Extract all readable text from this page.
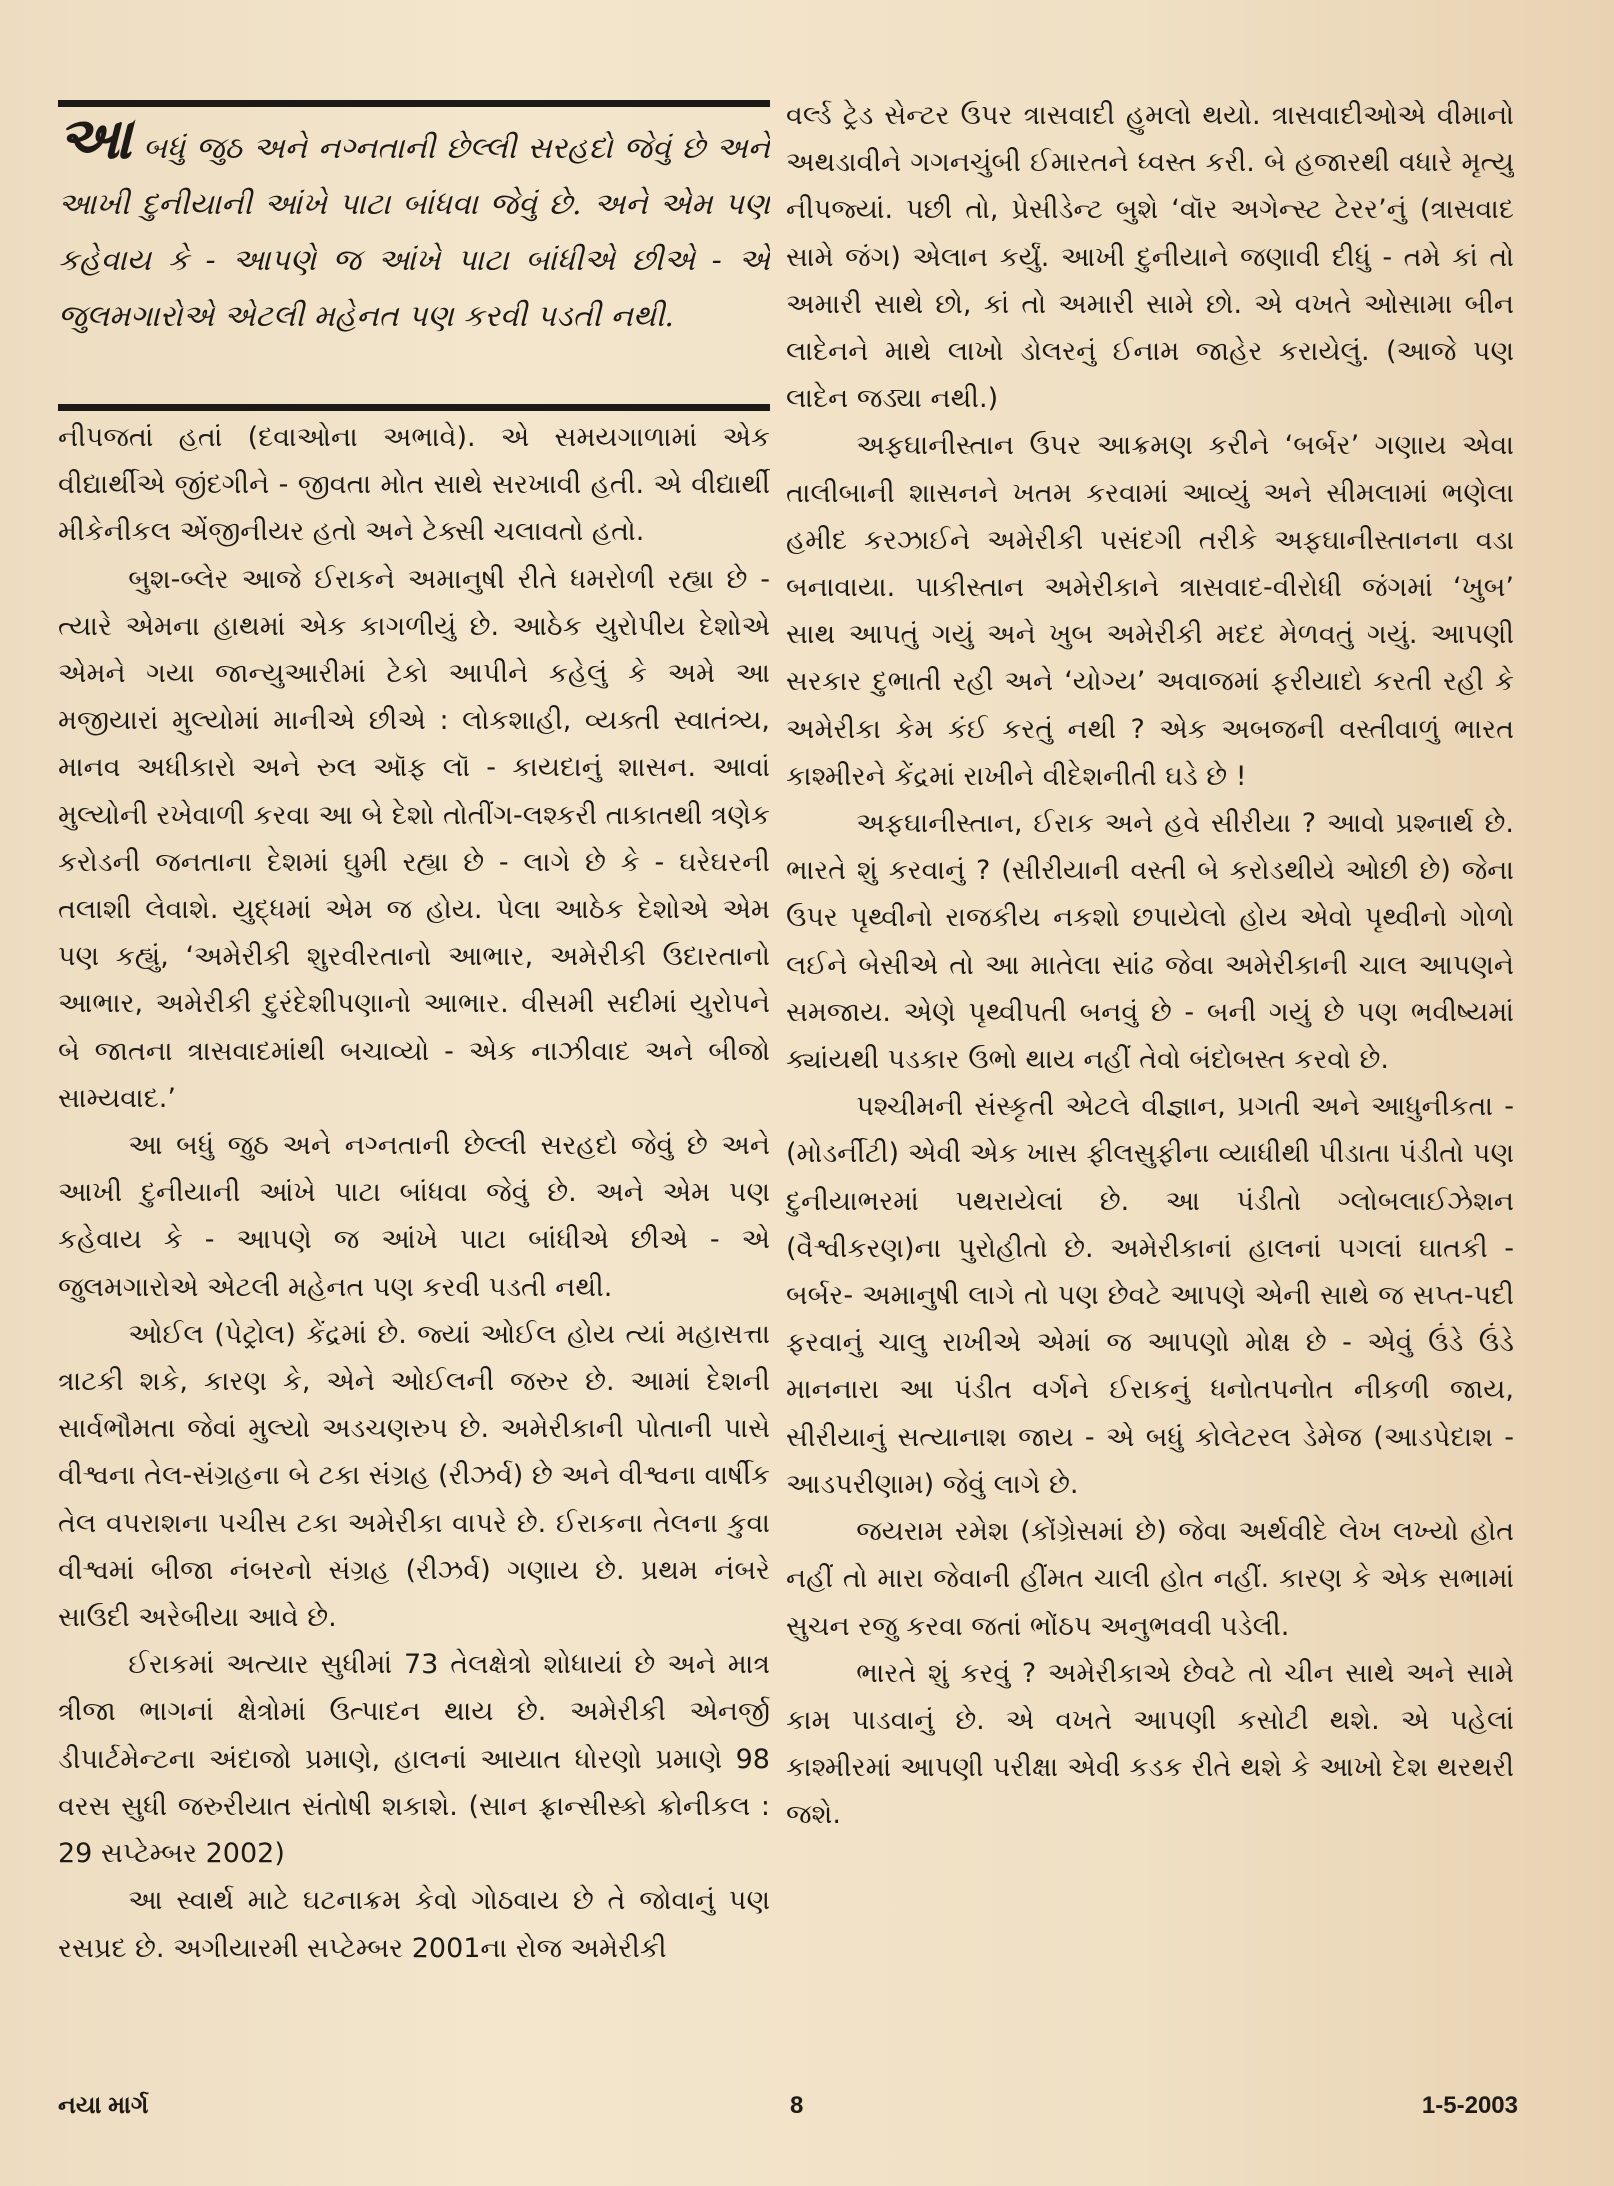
આ બધું જુઠ અને નગ્નતાની છેલ્લી સરહદો જેવું છે અને આખી દુનીયાની આંખે પાટા બાંધવા જેવું છે. અને એમ પણ કહેવાય કે - આપણે જ આંખે પાટા બાંધીએ છીએ - એ જુલમગારોએ એટલી મહેનત પણ કરવી પડતી નથી.

નીપજતાં હતાં (દવાઓના અભાવે). એ સમયગાળામાં એક વીદ્યાર્થીએ જીંદગીને - જીવતા મોત સાથે સરખાવી હતી. એ વીદ્યાર્થી મીકેનીકલ એંજીનીયર હતો અને ટેક્સી ચલાવતો હતો.

બુશ-બ્લેર આજે ઈરાકને અમાનુષી રીતે ધમરોળી રહ્યા છે - ત્યારે એમના હાથમાં એક કાગળીયું છે. આઠેક યુરોપીય દેશોએ એમને ગયા જાન્યુઆરીમાં ટેકો આપીને કહેલું કે અમે આ મજીયારાં મુલ્યોમાં માનીએ છીએ : લોકશાહી, વ્યક્તી સ્વાતંત્ર્ય, માનવ અધીકારો અને રુલ ઑફ લૉ - કાયદાનું શાસન. આવાં મુલ્યોની રખેવાળી કરવા આ બે દેશો તોતીંગ-લશ્કરી તાકાતથી ત્રણેક કરોડની જનતાના દેશમાં ઘુમી રહ્યા છે - લાગે છે કે - ઘરેઘરની તલાશી લેવાશે. યુદ્ધમાં એમ જ હોય. પેલા આઠેક દેશોએ એમ પણ કહ્યું, ‘અમેરીકી શુરવીરતાનો આભાર, અમેરીકી ઉદારતાનો આભાર, અમેરીકી દુરંદેશીપણાનો આભાર. વીસમી સદીમાં યુરોપને બે જાતના ત્રાસવાદમાંથી બચાવ્યો - એક નાઝીવાદ અને બીજો સામ્યવાદ.’

આ બધું જુઠ અને નગ્નતાની છેલ્લી સરહદો જેવું છે અને આખી દુનીયાની આંખે પાટા બાંધવા જેવું છે. અને એમ પણ કહેવાય કે - આપણે જ આંખે પાટા બાંધીએ છીએ - એ જુલમગારોએ એટલી મહેનત પણ કરવી પડતી નથી.

ઓઈલ (પેટ્રોલ) કેંદ્રમાં છે. જ્યાં ઓઈલ હોય ત્યાં મહાસત્તા ત્રાટકી શકે, કારણ કે, એને ઓઈલની જરુર છે. આમાં દેશની સાર્વભૌમતા જેવાં મુલ્યો અડચણરુપ છે. અમેરીકાની પોતાની પાસે વીશ્વના તેલ-સંગ્રહના બે ટકા સંગ્રહ (રીઝર્વ) છે અને વીશ્વના વાર્ષીક તેલ વપરાશના પચીસ ટકા અમેરીકા વાપરે છે. ઈરાકના તેલના કુવા વીશ્વમાં બીજા નંબરનો સંગ્રહ (રીઝર્વ) ગણાય છે. પ્રથમ નંબરે સાઉદી અરેબીયા આવે છે.

ઈરાકમાં અત્યાર સુધીમાં 73 તેલક્ષેત્રો શોધાયાં છે અને માત્ર ત્રીજા ભાગનાં ક્ષેત્રોમાં ઉત્પાદન થાય છે. અમેરીકી એનર્જી ડીપાર્ટમેન્ટના અંદાજો પ્રમાણે, હાલનાં આયાત ધોરણો પ્રમાણે 98 વરસ સુધી જરુરીયાત સંતોષી શકાશે. (સાન ફ્રાન્સીસ્કો ક્રોનીકલ : 29 સપ્ટેમ્બર 2002)

આ સ્વાર્થ માટે ઘટનાક્રમ કેવો ગોઠવાય છે તે જોવાનું પણ રસપ્રદ છે. અગીયારમી સપ્ટેમ્બર 2001ના રોજ અમેરીકી

વર્લ્ડ ટ્રેડ સેન્ટર ઉપર ત્રાસવાદી હુમલો થયો. ત્રાસવાદીઓએ વીમાનો અથડાવીને ગગનચુંબી ઈમારતને ધ્વસ્ત કરી. બે હજારથી વધારે મૃત્યુ નીપજ્યાં. પછી તો, પ્રેસીડેન્ટ બુશે ‘વૉર અગેન્સ્ટ ટેરર’નું (ત્રાસવાદ સામે જંગ) એલાન કર્યું. આખી દુનીયાને જણાવી દીધું - તમે કાં તો અમારી સાથે છો, કાં તો અમારી સામે છો. એ વખતે ઓસામા બીન લાદેનને માથે લાખો ડોલરનું ઈનામ જાહેર કરાયેલું. (આજે પણ લાદેન જડ્યા નથી.)

અફઘાનીસ્તાન ઉપર આક્રમણ કરીને ‘બર્બર’ ગણાય એવા તાલીબાની શાસનને ખતમ કરવામાં આવ્યું અને સીમલામાં ભણેલા હમીદ કરઝાઈને અમેરીકી પસંદગી તરીકે અફઘાનીસ્તાનના વડા બનાવાયા. પાકીસ્તાન અમેરીકાને ત્રાસવાદ-વીરોધી જંગમાં ‘ખુબ’ સાથ આપતું ગયું અને ખુબ અમેરીકી મદદ મેળવતું ગયું. આપણી સરકાર દુભાતી રહી અને ‘યોગ્ય’ અવાજમાં ફરીયાદો કરતી રહી કે અમેરીકા કેમ કંઈ કરતું નથી ? એક અબજની વસ્તીવાળું ભારત કાશ્મીરને કેંદ્રમાં રાખીને વીદેશનીતી ઘડે છે !

અફઘાનીસ્તાન, ઈરાક અને હવે સીરીયા ? આવો પ્રશ્નાર્થ છે. ભારતે શું કરવાનું ? (સીરીયાની વસ્તી બે કરોડથીયે ઓછી છે) જેના ઉપર પૃથ્વીનો રાજકીય નકશો છપાયેલો હોય એવો પૃથ્વીનો ગોળો લઈને બેસીએ તો આ માતેલા સાંઢ જેવા અમેરીકાની ચાલ આપણને સમજાય. એણે પૃથ્વીપતી બનવું છે - બની ગયું છે પણ ભવીષ્યમાં ક્યાંયથી પડકાર ઉભો થાય નહીં તેવો બંદોબસ્ત કરવો છે.

પશ્ચીમની સંસ્કૃતી એટલે વીજ્ઞાન, પ્રગતી અને આધુનીકતા - (મોડર્નીટી) એવી એક ખાસ ફીલસુફીના વ્યાધીથી પીડાતા પંડીતો પણ દુનીયાભરમાં પથરાયેલાં છે. આ પંડીતો ગ્લોબલાઈઝેશન (વૈશ્વીકરણ)ના પુરોહીતો છે. અમેરીકાનાં હાલનાં પગલાં ઘાતકી - બર્બર- અમાનુષી લાગે તો પણ છેવટે આપણે એની સાથે જ સપ્ત-પદી ફરવાનું ચાલુ રાખીએ એમાં જ આપણો મોક્ષ છે - એવું ઉંડે ઉંડે માનનારા આ પંડીત વર્ગને ઈરાકનું ધનોતપનોત નીકળી જાય, સીરીયાનું સત્યાનાશ જાય - એ બધું કોલેટરલ ડેમેજ (આડપેદાશ - આડપરીણામ) જેવું લાગે છે.

જયરામ રમેશ (કોંગ્રેસમાં છે) જેવા અર્થવીદે લેખ લખ્યો હોત નહીં તો મારા જેવાની હીંમત ચાલી હોત નહીં. કારણ કે એક સભામાં સુચન રજુ કરવા જતાં ભોંઠપ અનુભવવી પડેલી.

ભારતે શું કરવું ? અમેરીકાએ છેવટે તો ચીન સાથે અને સામે કામ પાડવાનું છે. એ વખતે આપણી કસોટી થશે. એ પહેલાં કાશ્મીરમાં આપણી પરીક્ષા એવી કડક રીતે થશે કે આખો દેશ થરથરી જશે.

નયા માર્ગ	8	1-5-2003
